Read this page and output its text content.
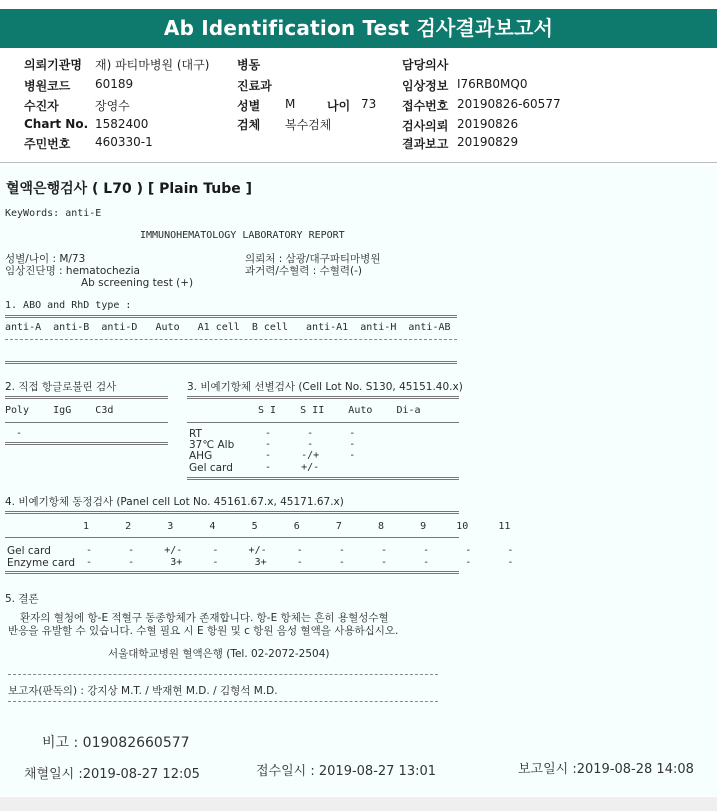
Ab Identification Test 검사결과보고서
의뢰기관명 재) 파티마병원 (대구)
병원코드 60189
수진자	장영수
Chart No. 1582400
주민번호 460330-1
병동
진료과
성별 M	나이 73
검체 복수검체
담당의사
임상정보 I76RB0MQ0
접수번호 20190826-60577
검사의뢰 20190826
결과보고 20190829
혈액은행검사 ( L70 ) [ Plain Tube ]
KeyWords: anti-E
IMMUNOHEMATOLOGY LABORATORY REPORT
성별/나이 : M/73	의뢰처 : 삼광/대구파티마병원
임상진단명 : hematochezia	과거력/수혈력 : 수혈력(-)
Ab screening test (+)
1. ABO and RhD type :
anti-A  anti-B  anti-D   Auto   A1 cell  B cell   anti-A1  anti-H  anti-AB
2. 직접 항글로불린 검사
Poly    IgG    C3d
-
3. 비예기항체 선별검사 (Cell Lot No. S130, 45151.40.x)
S I    S II    Auto    Di-a
RT	-      -      -
37℃ Alb	-      -      -
AHG	-     -/+     -
Gel card	-     +/-
4. 비예기항체 동정검사 (Panel cell Lot No. 45161.67.x, 45171.67.x)
1      2      3      4      5      6      7      8      9     10     11
Gel card	-      -     +/-     -     +/-     -      -      -      -      -      -
Enzyme card -      -      3+     -      3+     -      -      -      -      -      -
5. 결론
환자의 혈청에 항-E 적혈구 동종항체가 존재합니다. 항-E 항체는 흔히 용혈성수혈
반응을 유발할 수 있습니다. 수혈 필요 시 E 항원 및 c 항원 음성 혈액을 사용하십시오.
서울대학교병원 혈액은행 (Tel. 02-2072-2504)
보고자(판독의) : 강지상 M.T. / 박재현 M.D. / 김형석 M.D.
비고 : 019082660577
채혈일시 :2019-08-27 12:05	접수일시 : 2019-08-27 13:01	보고일시 :2019-08-28 14:08
